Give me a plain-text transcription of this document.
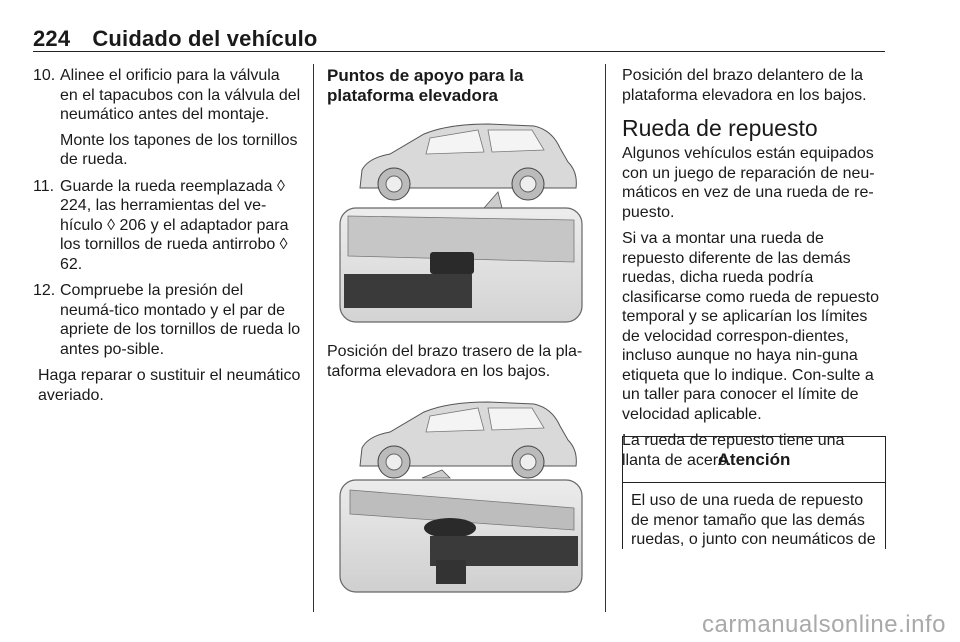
224 Cuidado del vehículo
10. Alinee el orificio para la válvula en el tapacubos con la válvula del neumático antes del montaje.

Monte los tapones de los tornillos de rueda.

11. Guarde la rueda reemplazada ◊ 224, las herramientas del ve-hículo ◊ 206 y el adaptador para los tornillos de rueda antirrobo ◊ 62.

12. Compruebe la presión del neumá-tico montado y el par de apriete de los tornillos de rueda lo antes po-sible.

Haga reparar o sustituir el neumático averiado.

Puntos de apoyo para la plataforma elevadora

Posición del brazo trasero de la pla-taforma elevadora en los bajos.

Posición del brazo delantero de la plataforma elevadora en los bajos.

Rueda de repuesto

Algunos vehículos están equipados con un juego de reparación de neu-máticos en vez de una rueda de re-puesto.

Si va a montar una rueda de repuesto diferente de las demás ruedas, dicha rueda podría clasificarse como rueda de repuesto temporal y se aplicarían los límites de velocidad correspon-dientes, incluso aunque no haya nin-guna etiqueta que lo indique. Con-sulte a un taller para conocer el límite de velocidad aplicable.

La rueda de repuesto tiene una llanta de acero.

Atención
El uso de una rueda de repuesto de menor tamaño que las demás ruedas, o junto con neumáticos de
carmanualsonline.info
